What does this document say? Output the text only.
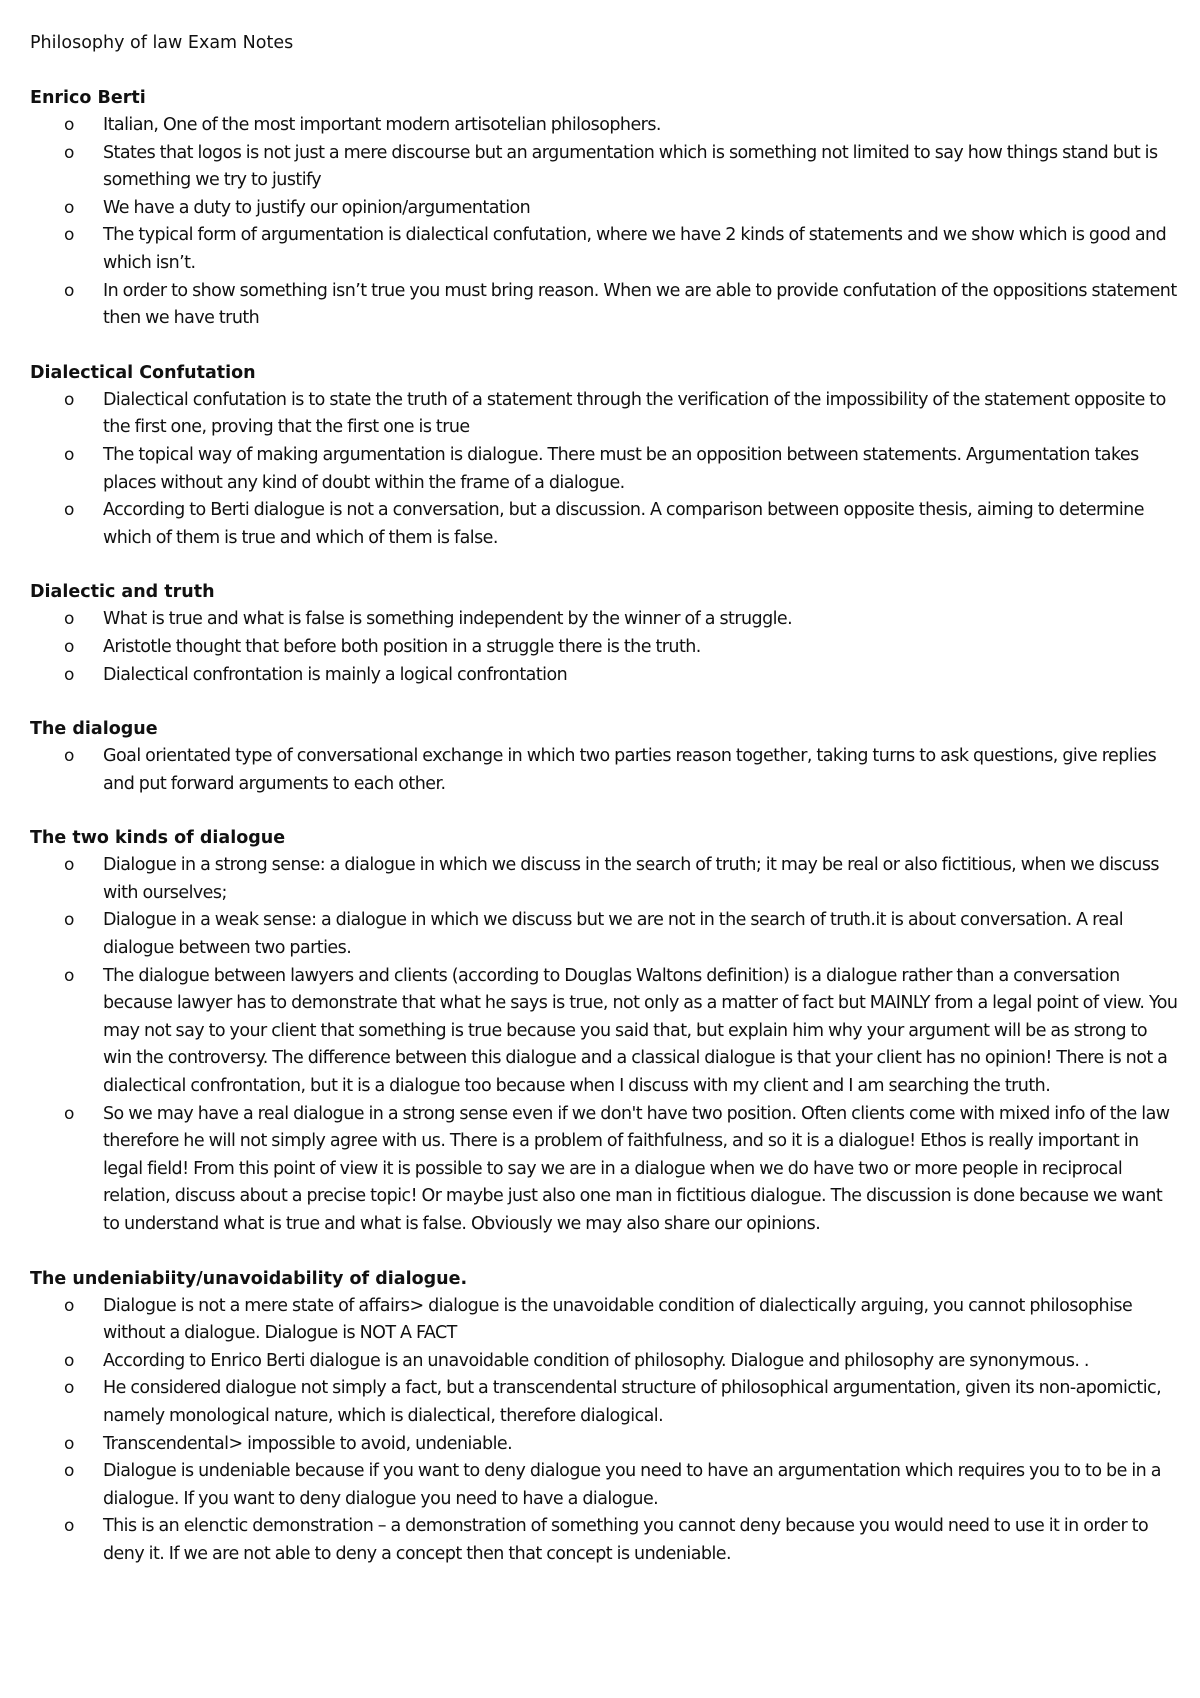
Philosophy of law Exam Notes
Enrico Berti
o Italian, One of the most important modern artisotelian philosophers.
o States that logos is not just a mere discourse but an argumentation which is something not limited to say how things stand but is something we try to justify
o We have a duty to justify our opinion/argumentation
o The typical form of argumentation is dialectical confutation, where we have 2 kinds of statements and we show which is good and which isn’t.
o In order to show something isn’t true you must bring reason. When we are able to provide confutation of the oppositions statement then we have truth
Dialectical Confutation
o Dialectical confutation is to state the truth of a statement through the verification of the impossibility of the statement opposite to the first one, proving that the first one is true
o The topical way of making argumentation is dialogue. There must be an opposition between statements. Argumentation takes places without any kind of doubt within the frame of a dialogue.
o According to Berti dialogue is not a conversation, but a discussion. A comparison between opposite thesis, aiming to determine which of them is true and which of them is false.
Dialectic and truth
o What is true and what is false is something independent by the winner of a struggle.
o Aristotle thought that before both position in a struggle there is the truth.
o Dialectical confrontation is mainly a logical confrontation
The dialogue
o Goal orientated type of conversational exchange in which two parties reason together, taking turns to ask questions, give replies and put forward arguments to each other.
The two kinds of dialogue
o Dialogue in a strong sense: a dialogue in which we discuss in the search of truth; it may be real or also fictitious, when we discuss with ourselves;
o Dialogue in a weak sense: a dialogue in which we discuss but we are not in the search of truth.it is about conversation. A real dialogue between two parties.
o The dialogue between lawyers and clients (according to Douglas Waltons definition) is a dialogue rather than a conversation because lawyer has to demonstrate that what he says is true, not only as a matter of fact but MAINLY from a legal point of view. You may not say to your client that something is true because you said that, but explain him why your argument will be as strong to win the controversy. The difference between this dialogue and a classical dialogue is that your client has no opinion! There is not a dialectical confrontation, but it is a dialogue too because when I discuss with my client and I am searching the truth.
o So we may have a real dialogue in a strong sense even if we don't have two position. Often clients come with mixed info of the law therefore he will not simply agree with us. There is a problem of faithfulness, and so it is a dialogue! Ethos is really important in legal field! From this point of view it is possible to say we are in a dialogue when we do have two or more people in reciprocal relation, discuss about a precise topic! Or maybe just also one man in fictitious dialogue. The discussion is done because we want to understand what is true and what is false. Obviously we may also share our opinions.
The undeniabiity/unavoidability of dialogue.
o Dialogue is not a mere state of affairs> dialogue is the unavoidable condition of dialectically arguing, you cannot philosophise without a dialogue. Dialogue is NOT A FACT
o According to Enrico Berti dialogue is an unavoidable condition of philosophy. Dialogue and philosophy are synonymous. .
o He considered dialogue not simply a fact, but a transcendental structure of philosophical argumentation, given its non-apomictic, namely monological nature, which is dialectical, therefore dialogical.
o Transcendental> impossible to avoid, undeniable.
o Dialogue is undeniable because if you want to deny dialogue you need to have an argumentation which requires you to to be in a dialogue. If you want to deny dialogue you need to have a dialogue.
o This is an elenctic demonstration – a demonstration of something you cannot deny because you would need to use it in order to deny it. If we are not able to deny a concept then that concept is undeniable.
